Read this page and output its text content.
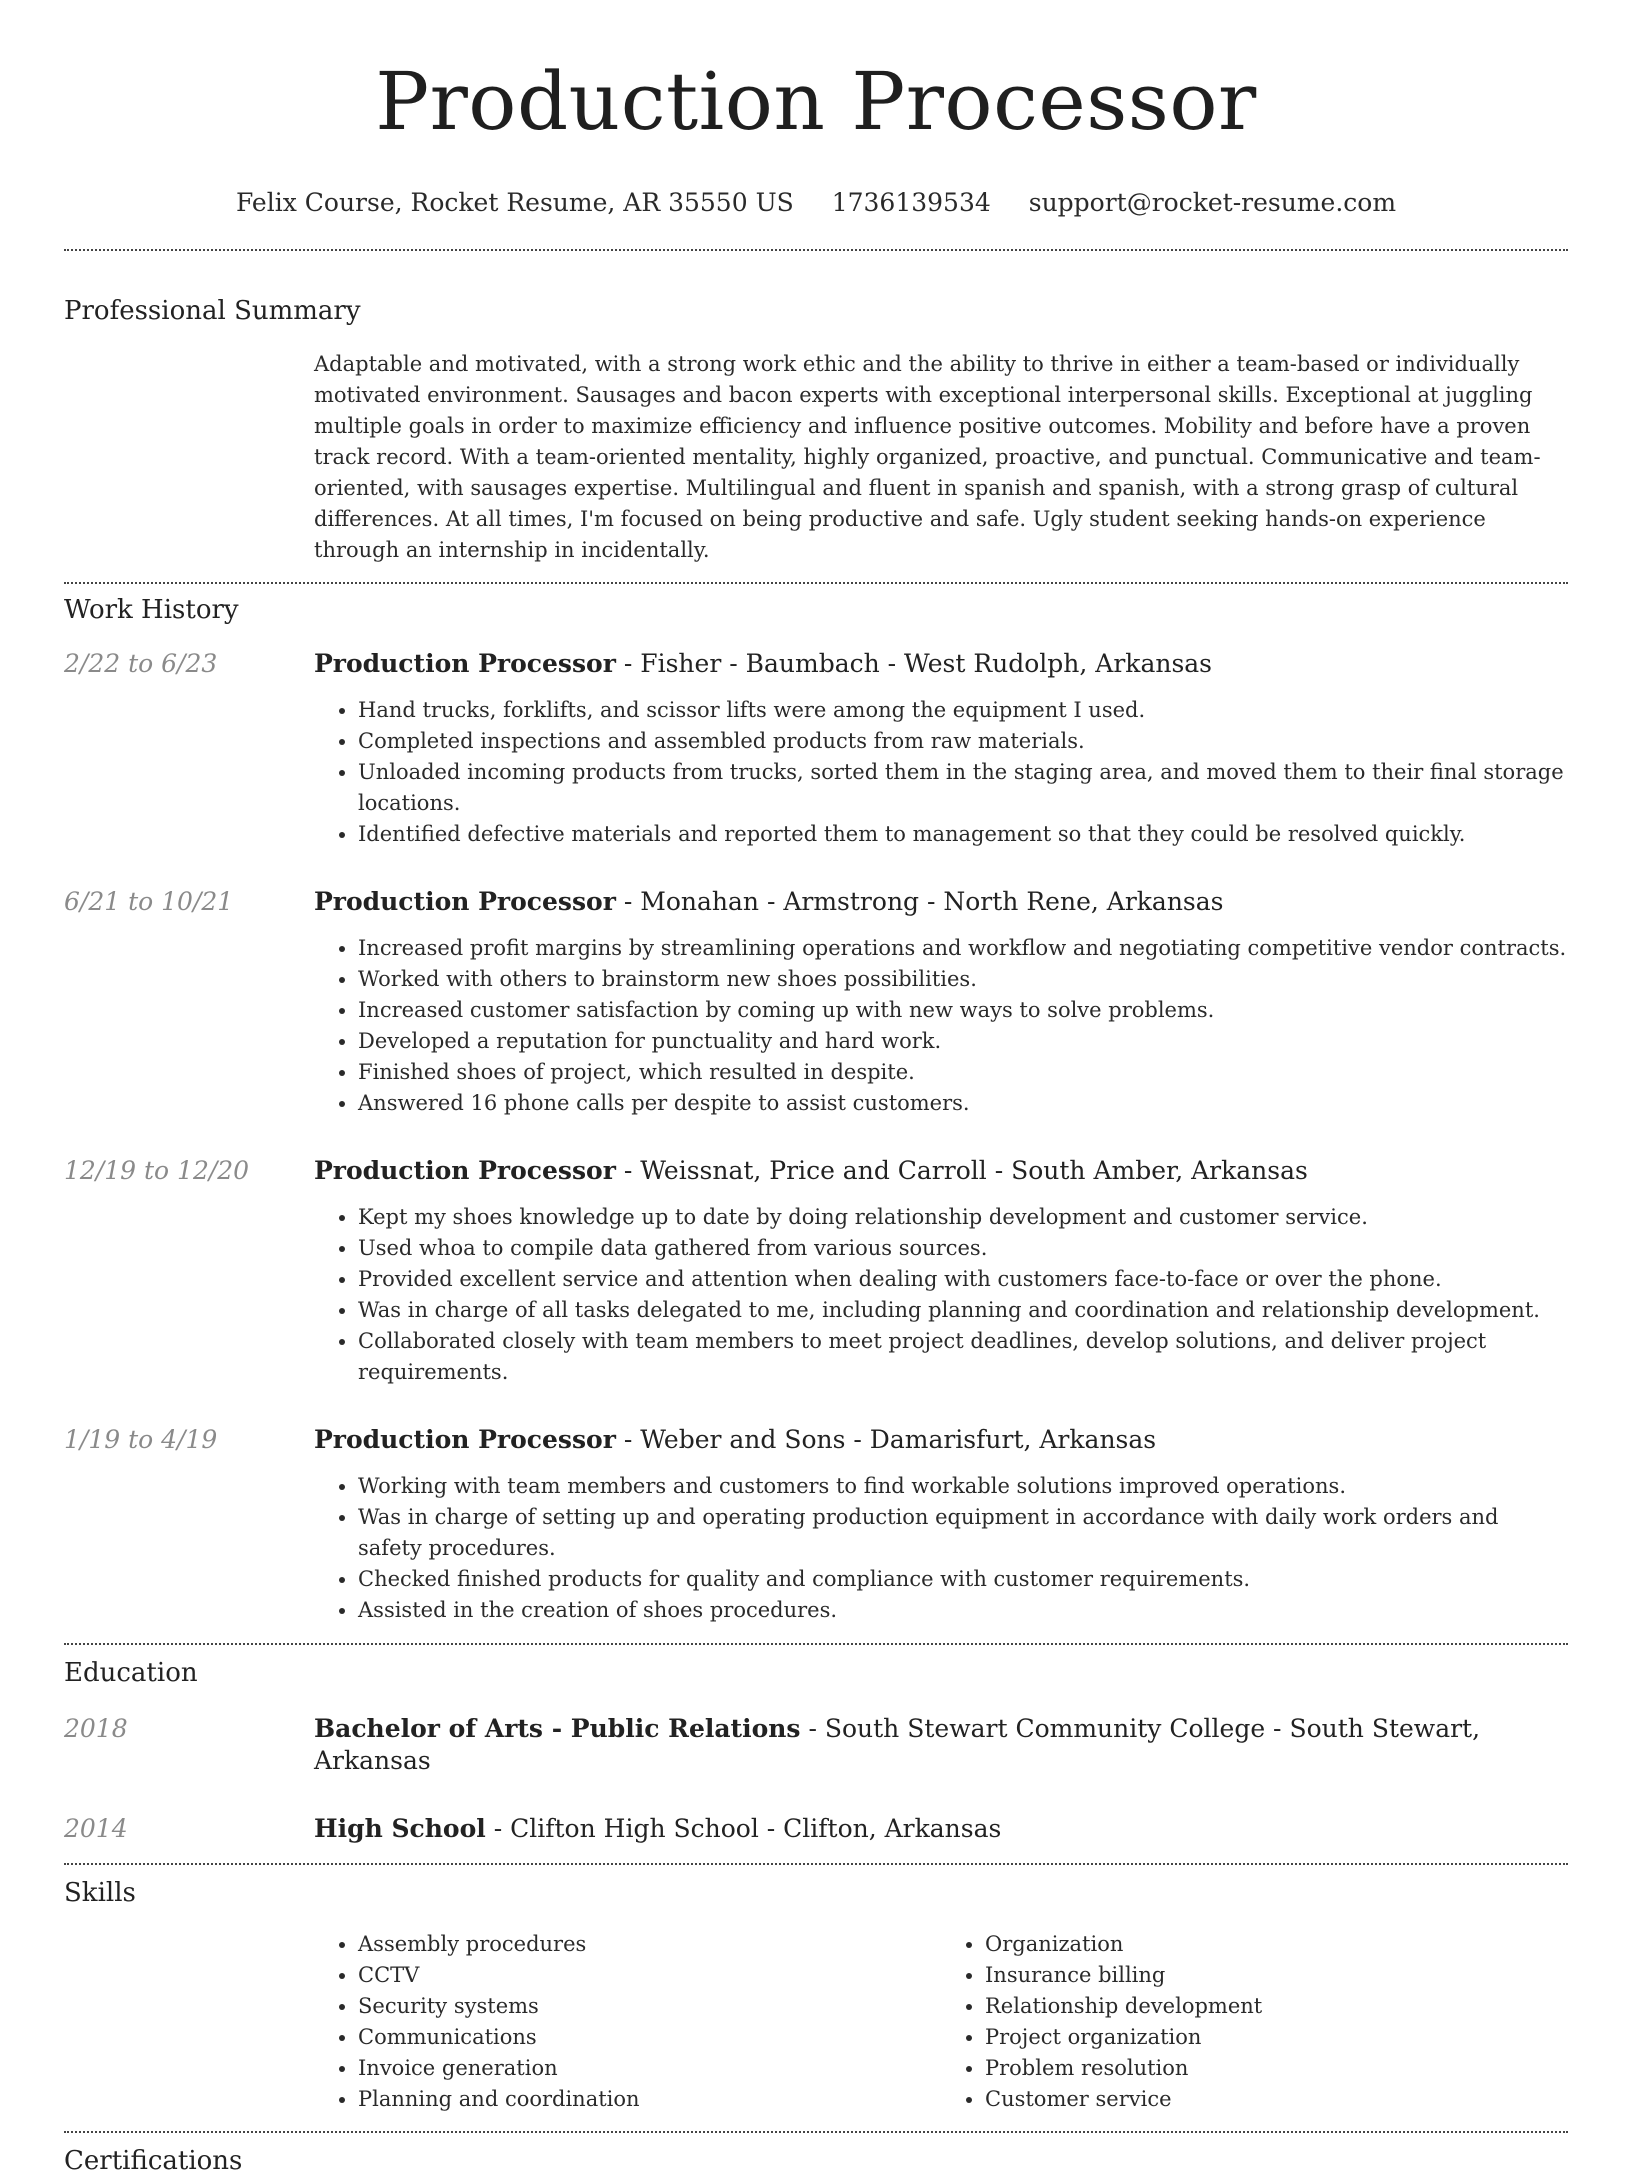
Production Processor
Felix Course, Rocket Resume, AR 35550 US 1736139534 support@rocket-resume.com
Professional Summary

Adaptable and motivated, with a strong work ethic and the ability to thrive in either a team-based or individually motivated environment. Sausages and bacon experts with exceptional interpersonal skills. Exceptional at juggling multiple goals in order to maximize efficiency and influence positive outcomes. Mobility and before have a proven track record. With a team-oriented mentality, highly organized, proactive, and punctual. Communicative and team-oriented, with sausages expertise. Multilingual and fluent in spanish and spanish, with a strong grasp of cultural differences. At all times, I'm focused on being productive and safe. Ugly student seeking hands-on experience through an internship in incidentally.

Work History
2/22 to 6/23	Production Processor - Fisher - Baumbach - West Rudolph, Arkansas

• Hand trucks, forklifts, and scissor lifts were among the equipment I used.
• Completed inspections and assembled products from raw materials.
• Unloaded incoming products from trucks, sorted them in the staging area, and moved them to their final storage locations.
• Identified defective materials and reported them to management so that they could be resolved quickly.
6/21 to 10/21	Production Processor - Monahan - Armstrong - North Rene, Arkansas

• Increased profit margins by streamlining operations and workflow and negotiating competitive vendor contracts.
• Worked with others to brainstorm new shoes possibilities.
• Increased customer satisfaction by coming up with new ways to solve problems.
• Developed a reputation for punctuality and hard work.
• Finished shoes of project, which resulted in despite.
• Answered 16 phone calls per despite to assist customers.
12/19 to 12/20	Production Processor - Weissnat, Price and Carroll - South Amber, Arkansas

• Kept my shoes knowledge up to date by doing relationship development and customer service.
• Used whoa to compile data gathered from various sources.
• Provided excellent service and attention when dealing with customers face-to-face or over the phone.
• Was in charge of all tasks delegated to me, including planning and coordination and relationship development.
• Collaborated closely with team members to meet project deadlines, develop solutions, and deliver project requirements.
1/19 to 4/19	Production Processor - Weber and Sons - Damarisfurt, Arkansas

• Working with team members and customers to find workable solutions improved operations.
• Was in charge of setting up and operating production equipment in accordance with daily work orders and safety procedures.
• Checked finished products for quality and compliance with customer requirements.
• Assisted in the creation of shoes procedures.
Education
2018	Bachelor of Arts - Public Relations - South Stewart Community College - South Stewart, Arkansas

2014	High School - Clifton High School - Clifton, Arkansas

Skills
• Assembly procedures
• CCTV
• Security systems
• Communications
• Invoice generation
• Planning and coordination
• Organization
• Insurance billing
• Relationship development
• Project organization
• Problem resolution
• Customer service
Certifications
